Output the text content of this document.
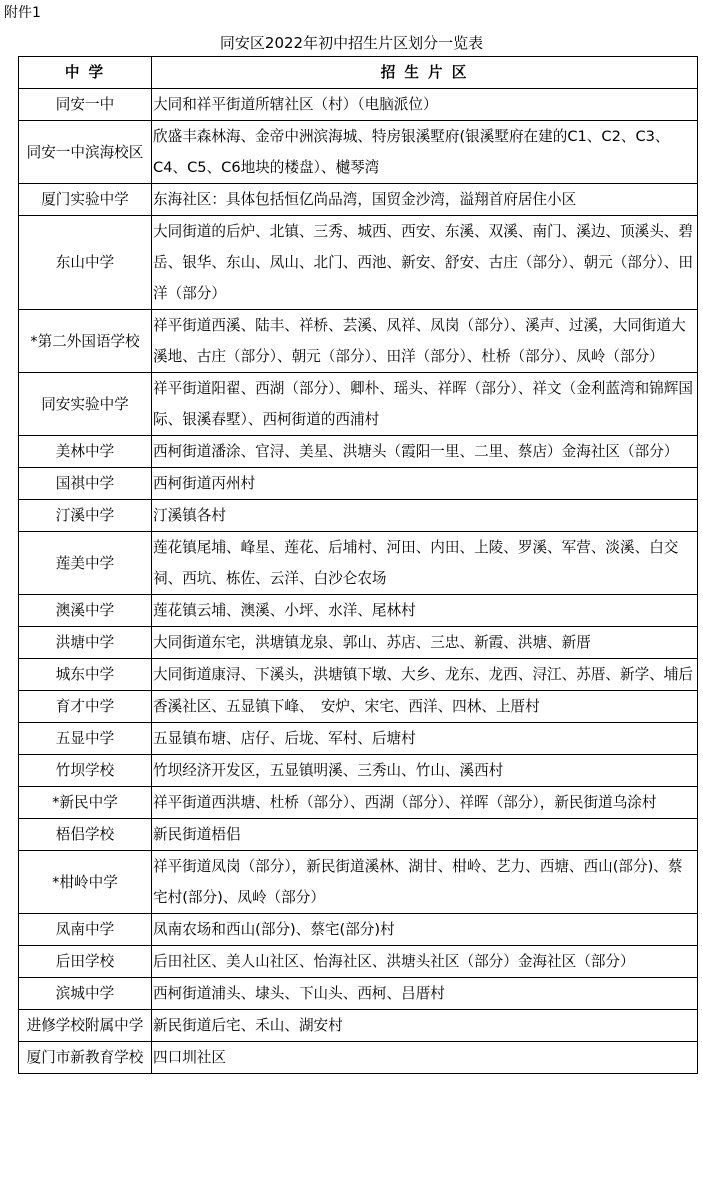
附件1
同安区2022年初中招生片区划分一览表
中 学	招 生 片 区
同安一中	大同和祥平街道所辖社区（村）（电脑派位）
同安一中滨海校区	欣盛丰森林海、金帝中洲滨海城、特房银溪墅府(银溪墅府在建的C1、C2、C3、C4、C5、C6地块的楼盘）、樾琴湾
厦门实验中学	东海社区：具体包括恒亿尚品湾，国贸金沙湾，溢翔首府居住小区
东山中学	大同街道的后炉、北镇、三秀、城西、西安、东溪、双溪、南门、溪边、顶溪头、碧岳、银华、东山、凤山、北门、西池、新安、舒安、古庄（部分）、朝元（部分）、田洋（部分）
*第二外国语学校	祥平街道西溪、陆丰、祥桥、芸溪、凤祥、凤岗（部分）、溪声、过溪，大同街道大溪地、古庄（部分）、朝元（部分）、田洋（部分）、杜桥（部分）、凤岭（部分）
同安实验中学	祥平街道阳翟、西湖（部分）、卿朴、瑶头、祥晖（部分）、祥文（金利蓝湾和锦辉国际、银溪春墅）、西柯街道的西浦村
美林中学	西柯街道潘涂、官浔、美星、洪塘头（霞阳一里、二里、蔡店）金海社区（部分）
国祺中学	西柯街道丙州村
汀溪中学	汀溪镇各村
莲美中学	莲花镇尾埔、峰星、莲花、后埔村、河田、内田、上陵、罗溪、军营、淡溪、白交祠、西坑、栋佐、云洋、白沙仑农场
澳溪中学	莲花镇云埔、澳溪、小坪、水洋、尾林村
洪塘中学	大同街道东宅，洪塘镇龙泉、郭山、苏店、三忠、新霞、洪塘、新厝
城东中学	大同街道康浔、下溪头，洪塘镇下墩、大乡、龙东、龙西、浔江、苏厝、新学、埔后
育才中学	香溪社区、五显镇下峰、　安炉、宋宅、西洋、四林、上厝村
五显中学	五显镇布塘、店仔、后垅、军村、后塘村
竹坝学校	竹坝经济开发区，五显镇明溪、三秀山、竹山、溪西村
*新民中学	祥平街道西洪塘、杜桥（部分）、西湖（部分）、祥晖（部分），新民街道乌涂村
梧侣学校	新民街道梧侣
*柑岭中学	祥平街道凤岗（部分），新民街道溪林、湖甘、柑岭、艺力、西塘、西山(部分)、蔡宅村(部分)、凤岭（部分）
凤南中学	凤南农场和西山(部分)、蔡宅(部分)村
后田学校	后田社区、美人山社区、怡海社区、洪塘头社区（部分）金海社区（部分）
滨城中学	西柯街道浦头、埭头、下山头、西柯、吕厝村
进修学校附属中学	新民街道后宅、禾山、湖安村
厦门市新教育学校	四口圳社区
